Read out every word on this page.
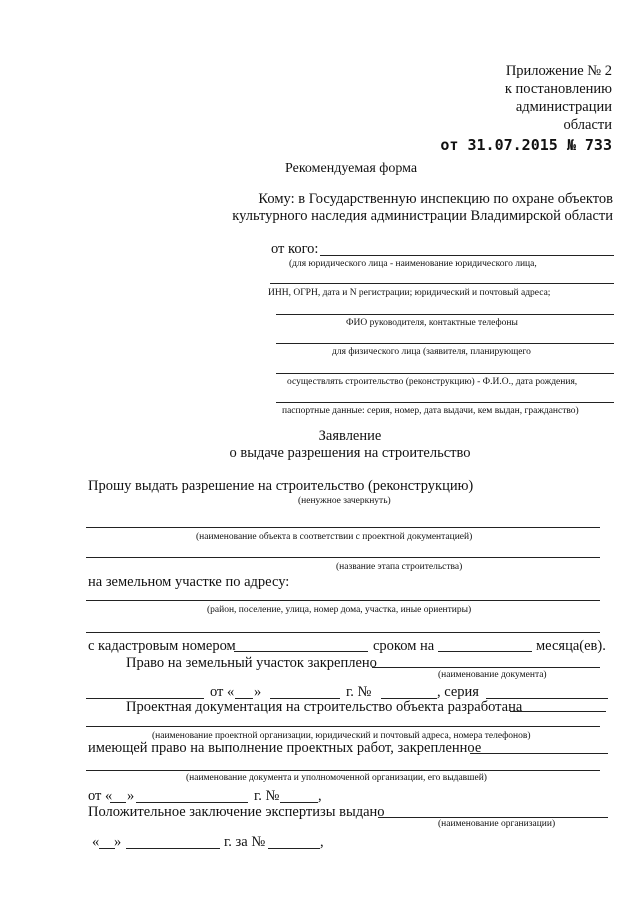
Приложение № 2
к постановлению
администрации
области
от 31.07.2015 № 733
Рекомендуемая форма
Кому: в Государственную инспекцию по охране объектов
культурного наследия администрации Владимирской области
от кого:
(для юридического лица - наименование юридического лица,
ИНН, ОГРН, дата и N регистрации; юридический и почтовый адреса;
ФИО руководителя, контактные телефоны
для физического лица (заявителя, планирующего
осуществлять строительство (реконструкцию) - Ф.И.О., дата рождения,
паспортные данные: серия, номер, дата выдачи, кем выдан, гражданство)
Заявление
о выдаче разрешения на строительство
Прошу выдать разрешение на строительство (реконструкцию)
(ненужное зачеркнуть)
(наименование объекта в соответствии с проектной документацией)
(название этапа строительства)
на земельном участке по адресу:
(район, поселение, улица, номер дома, участка, иные ориентиры)
с кадастровым номером	сроком на	месяца(ев).
Право на земельный участок закреплено
(наименование документа)
от « »	г. №	, серия
Проектная документация на строительство объекта разработана
(наименование проектной организации, юридический и почтовый адреса, номера телефонов)
имеющей право на выполнение проектных работ, закрепленное
(наименование документа и уполномоченной организации, его выдавшей)
от « »	г. №	,
Положительное заключение экспертизы выдано
(наименование организации)
« »	г. за №	,
